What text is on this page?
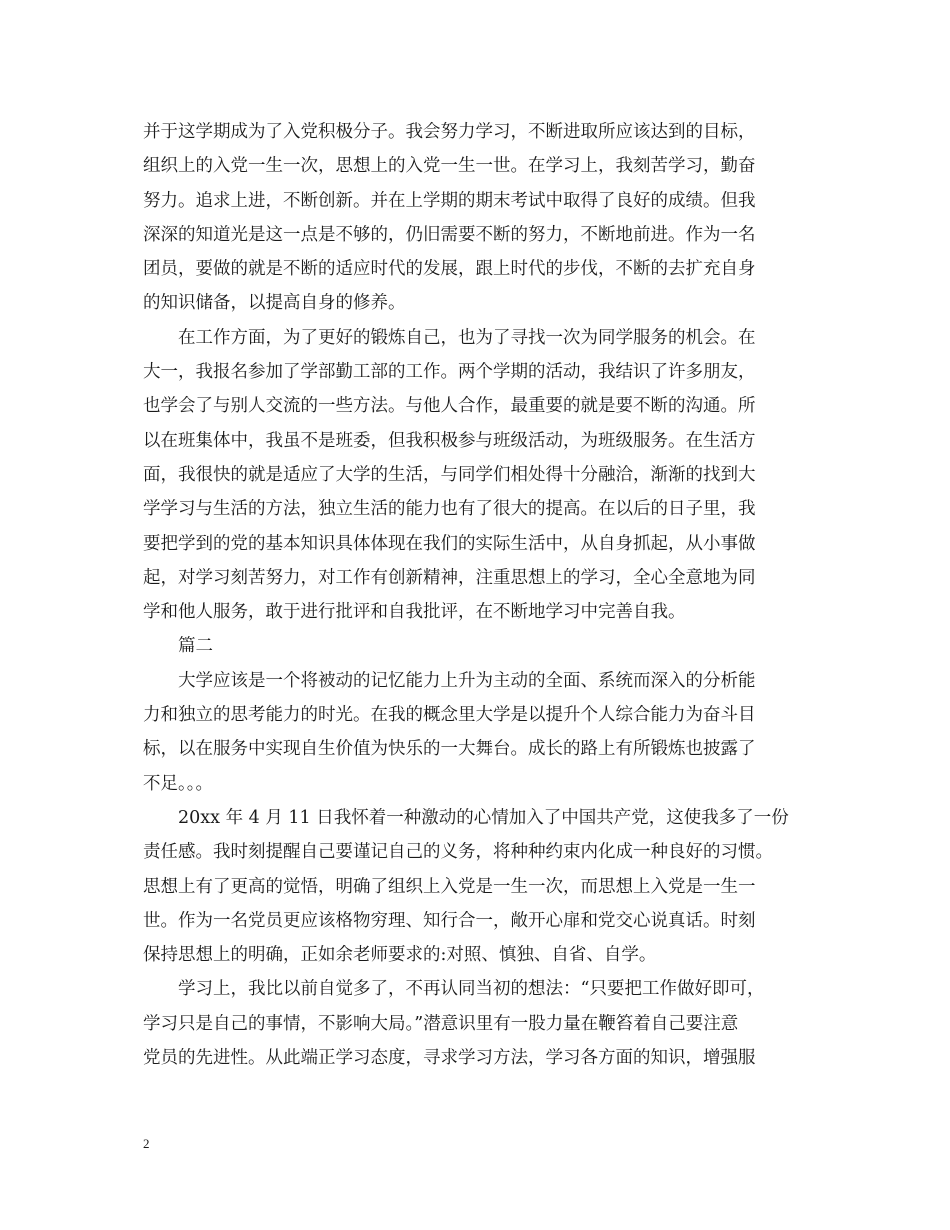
并于这学期成为了入党积极分子。我会努力学习，不断进取所应该达到的目标，
组织上的入党一生一次，思想上的入党一生一世。在学习上，我刻苦学习，勤奋
努力。追求上进，不断创新。并在上学期的期末考试中取得了良好的成绩。但我
深深的知道光是这一点是不够的，仍旧需要不断的努力，不断地前进。作为一名
团员，要做的就是不断的适应时代的发展，跟上时代的步伐，不断的去扩充自身
的知识储备，以提高自身的修养。
在工作方面，为了更好的锻炼自己，也为了寻找一次为同学服务的机会。在
大一，我报名参加了学部勤工部的工作。两个学期的活动，我结识了许多朋友，
也学会了与别人交流的一些方法。与他人合作，最重要的就是要不断的沟通。所
以在班集体中，我虽不是班委，但我积极参与班级活动，为班级服务。在生活方
面，我很快的就是适应了大学的生活，与同学们相处得十分融洽，渐渐的找到大
学学习与生活的方法，独立生活的能力也有了很大的提高。在以后的日子里，我
要把学到的党的基本知识具体体现在我们的实际生活中，从自身抓起，从小事做
起，对学习刻苦努力，对工作有创新精神，注重思想上的学习，全心全意地为同
学和他人服务，敢于进行批评和自我批评，在不断地学习中完善自我。
篇二
大学应该是一个将被动的记忆能力上升为主动的全面、系统而深入的分析能
力和独立的思考能力的时光。在我的概念里大学是以提升个人综合能力为奋斗目
标，以在服务中实现自生价值为快乐的一大舞台。成长的路上有所锻炼也披露了
不足。。。
20xx 年 4 月 11 日我怀着一种激动的心情加入了中国共产党，这使我多了一份
责任感。我时刻提醒自己要谨记自己的义务，将种种约束内化成一种良好的习惯。
思想上有了更高的觉悟，明确了组织上入党是一生一次，而思想上入党是一生一
世。作为一名党员更应该格物穷理、知行合一，敞开心扉和党交心说真话。时刻
保持思想上的明确，正如余老师要求的:对照、慎独、自省、自学。
学习上，我比以前自觉多了，不再认同当初的想法：“只要把工作做好即可，
学习只是自己的事情，不影响大局。”潜意识里有一股力量在鞭笞着自己要注意
党员的先进性。从此端正学习态度，寻求学习方法，学习各方面的知识，增强服
2
